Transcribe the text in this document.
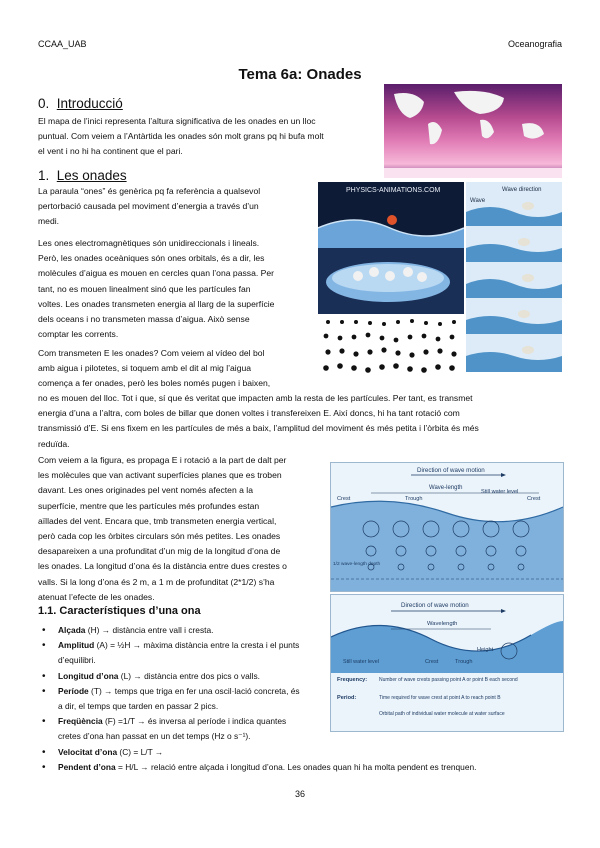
CCAA_UAB	Oceanografia
Tema 6a: Onades
0. Introducció
El mapa de l’inici representa l’altura significativa de les onades en un lloc
puntual. Com veiem a l’Antàrtida les onades són molt grans pq hi bufa molt
el vent i no hi ha continent que el pari.
1. Les onades
La paraula “ones” és genèrica pq fa referència a qualsevol
pertorbació causada pel moviment d’energia a través d’un
medi.
Les ones electromagnètiques són unidireccionals i lineals.
Però, les onades oceàniques són ones orbitals, és a dir, les
molècules d’aigua es mouen en cercles quan l’ona passa. Per
tant, no es mouen linealment sinó que les partícules fan
voltes. Les onades transmeten energia al llarg de la superfície
dels oceans i no transmeten massa d’aigua. Això sense
comptar les corrents.
Com transmeten E les onades? Com veiem al vídeo del bol
amb aigua i pilotetes, si toquem amb el dit al mig l’aigua
comença a fer onades, però les boles només pugen i baixen,
no es mouen del lloc. Tot i que, sí que és veritat que impacten amb la resta de les partícules. Per tant, es transmet
energia d’una a l’altra, com boles de billar que donen voltes i transfereixen E. Així doncs, hi ha tant rotació com
transmissió d’E. Si ens fixem en les partícules de més a baix, l’amplitud del moviment és més petita i l’òrbita és més
reduïda.
Com veiem a la figura, es propaga E i rotació a la part de dalt per
les molècules que van activant superfícies planes que es troben
davant. Les ones originades pel vent només afecten a la
superfície, mentre que les partícules més profundes estan
aïllades del vent. Encara que, tmb transmeten energia vertical,
però cada cop les òrbites circulars són més petites. Les onades
desapareixen a una profunditat d’un mig de la longitud d’ona de
les onades. La longitud d’ona és la distància entre dues crestes o
valls. Si la long d’ona és 2 m, a 1 m de profunditat (2*1/2) s’ha
atenuat l’efecte de les onades.
1.1. Característiques d’una ona
• Alçada (H) → distància entre vall i cresta.
• Amplitud (A) = ½H → màxima distància entre la cresta i el punts
d’equilibri.
• Longitud d’ona (L) → distància entre dos pics o valls.
• Període (T) → temps que triga en fer una oscil·lació concreta, és
a dir, el temps que tarden en passar 2 pics.
• Freqüència (F) =1/T → és inversa al període i indica quantes
cretes d’ona han passat en un det temps (Hz o s⁻¹).
• Velocitat d’ona (C) = L/T →
• Pendent d’ona = H/L → relació entre alçada i longitud d’ona. Les onades quan hi ha molta pendent es trenquen.
PHYSICS-ANIMATIONS.COM	Wave direction
Wave
Direction of wave motion
Wave-length
Crest	Trough
Still water level
Crest
1/2 wave-length depth
Direction of wave motion
Wavelength
Height
Still water level	Crest	Trough
Frequency: Number of wave crests passing point A or point B each second
Period:	Time required for wave crest at point A to reach point B
Orbital path of individual water molecule at water surface
36
